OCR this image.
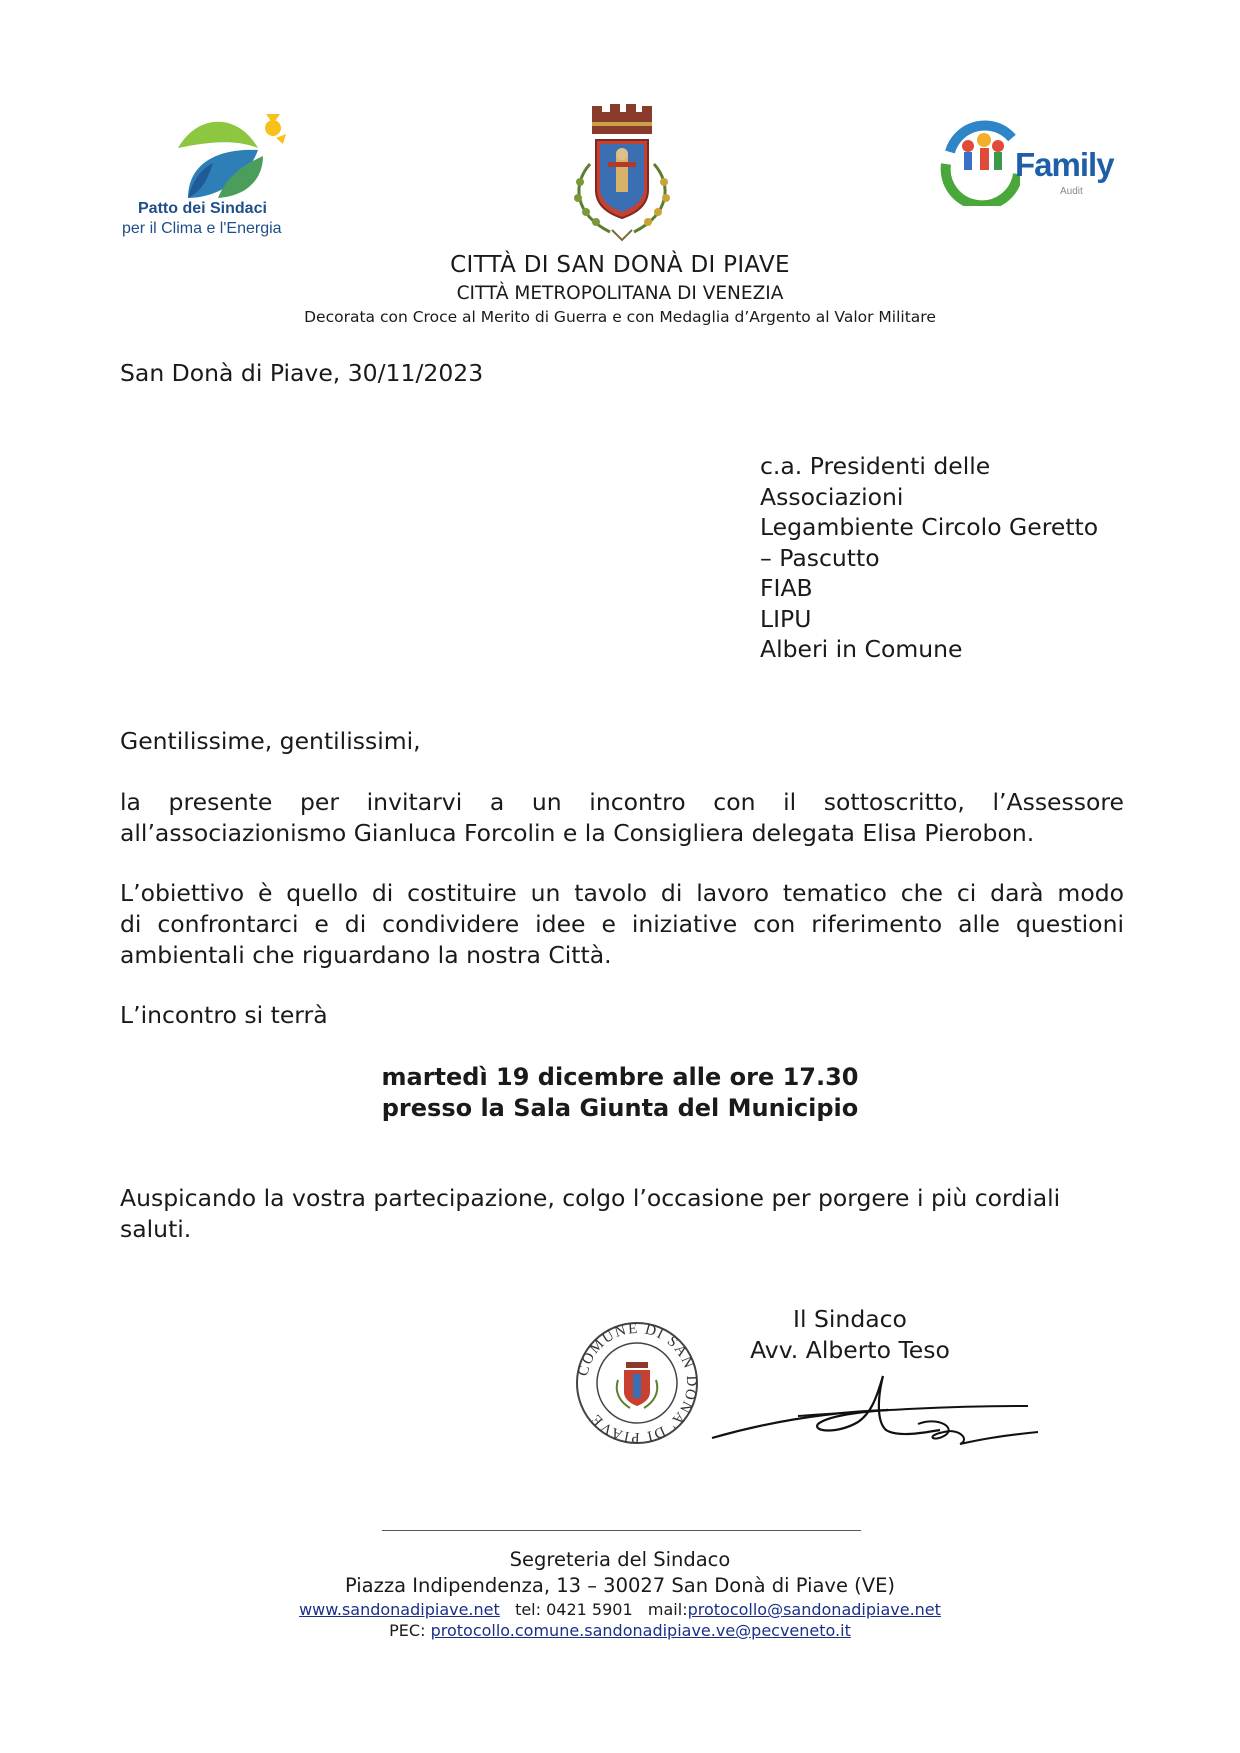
Patto dei Sindaci
per il Clima e l'Energia
Family
Audit
CITTÀ DI SAN DONÀ DI PIAVE
CITTÀ METROPOLITANA DI VENEZIA
Decorata con Croce al Merito di Guerra e con Medaglia d’Argento al Valor Militare
San Donà di Piave, 30/11/2023
c.a. Presidenti delle
Associazioni
Legambiente Circolo Geretto
– Pascutto
FIAB
LIPU
Alberi in Comune
Gentilissime, gentilissimi,
la presente per invitarvi a un incontro con il sottoscritto, l’Assessore
all’associazionismo Gianluca Forcolin e la Consigliera delegata Elisa Pierobon.
L’obiettivo è quello di costituire un tavolo di lavoro tematico che ci darà modo
di confrontarci e di condividere idee e iniziative con riferimento alle questioni
ambientali che riguardano la nostra Città.
L’incontro si terrà
martedì 19 dicembre alle ore 17.30
presso la Sala Giunta del Municipio
Auspicando la vostra partecipazione, colgo l’occasione per porgere i più cordiali
saluti.
COMUNE DI SAN DONA' DI PIAVE
Il Sindaco
Avv. Alberto Teso
Segreteria del Sindaco
Piazza Indipendenza, 13 – 30027 San Donà di Piave (VE)
www.sandonadipiave.net tel: 0421 5901 mail:protocollo@sandonadipiave.net
PEC: protocollo.comune.sandonadipiave.ve@pecveneto.it
